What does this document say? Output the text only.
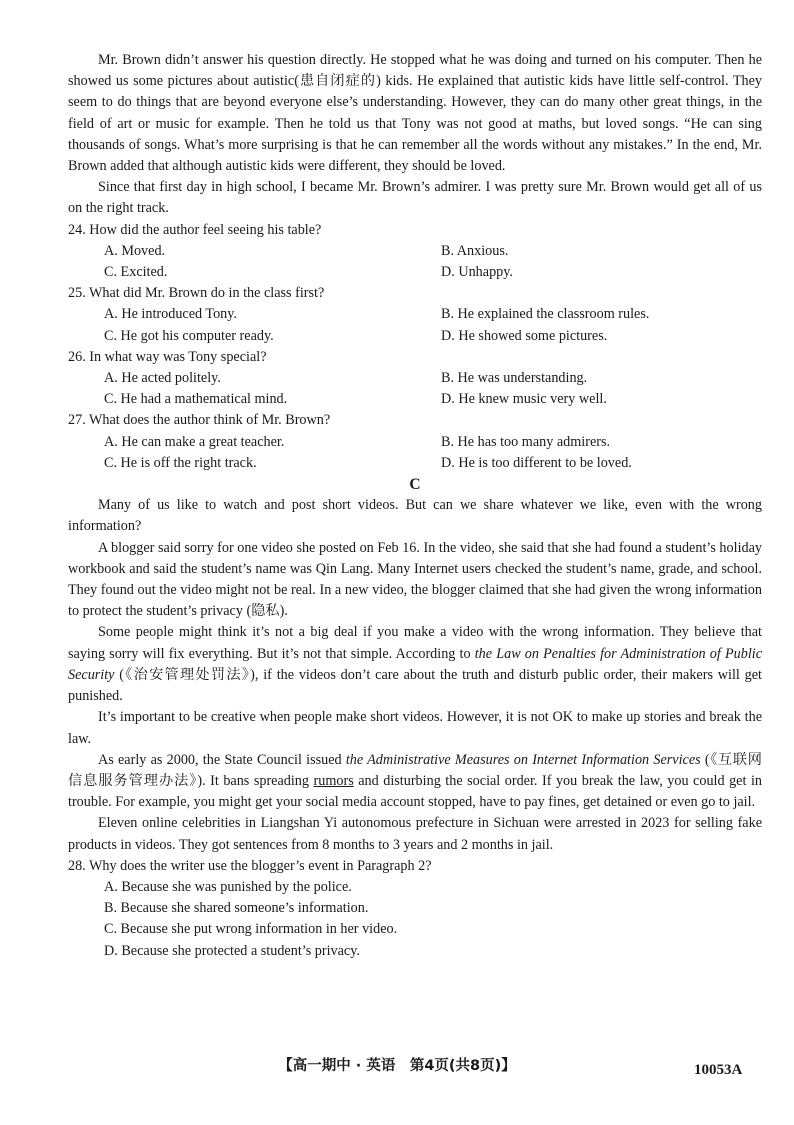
Mr. Brown didn’t answer his question directly. He stopped what he was doing and turned on his computer. Then he showed us some pictures about autistic(患自闭症的) kids. He explained that autistic kids have little self-control. They seem to do things that are beyond everyone else’s understanding. However, they can do many other great things, in the field of art or music for example. Then he told us that Tony was not good at maths, but loved songs. “He can sing thousands of songs. What’s more surprising is that he can remember all the words without any mistakes.” In the end, Mr. Brown added that although autistic kids were different, they should be loved.

Since that first day in high school, I became Mr. Brown’s admirer. I was pretty sure Mr. Brown would get all of us on the right track.

24. How did the author feel seeing his table?

A. Moved.	B. Anxious.
C. Excited.	D. Unhappy.

25. What did Mr. Brown do in the class first?

A. He introduced Tony.	B. He explained the classroom rules.
C. He got his computer ready.	D. He showed some pictures.

26. In what way was Tony special?

A. He acted politely.	B. He was understanding.
C. He had a mathematical mind.	D. He knew music very well.

27. What does the author think of Mr. Brown?

A. He can make a great teacher.	B. He has too many admirers.
C. He is off the right track.	D. He is too different to be loved.

C

Many of us like to watch and post short videos. But can we share whatever we like, even with the wrong information?

A blogger said sorry for one video she posted on Feb 16. In the video, she said that she had found a student’s holiday workbook and said the student’s name was Qin Lang. Many Internet users checked the student’s name, grade, and school. They found out the video might not be real. In a new video, the blogger claimed that she had given the wrong information to protect the student’s privacy (隐私).

Some people might think it’s not a big deal if you make a video with the wrong information. They believe that saying sorry will fix everything. But it’s not that simple. According to the Law on Penalties for Administration of Public Security (《治安管理处罚法》), if the videos don’t care about the truth and disturb public order, their makers will get punished.

It’s important to be creative when people make short videos. However, it is not OK to make up stories and break the law.

As early as 2000, the State Council issued the Administrative Measures on Internet Information Services (《互联网信息服务管理办法》). It bans spreading rumors and disturbing the social order. If you break the law, you could get in trouble. For example, you might get your social media account stopped, have to pay fines, get detained or even go to jail.

Eleven online celebrities in Liangshan Yi autonomous prefecture in Sichuan were arrested in 2023 for selling fake products in videos. They got sentences from 8 months to 3 years and 2 months in jail.

28. Why does the writer use the blogger’s event in Paragraph 2?

A. Because she was punished by the police.
B. Because she shared someone’s information.
C. Because she put wrong information in her video.
D. Because she protected a student’s privacy.
【高一期中 · 英语　第4页(共8页)】	10053A
